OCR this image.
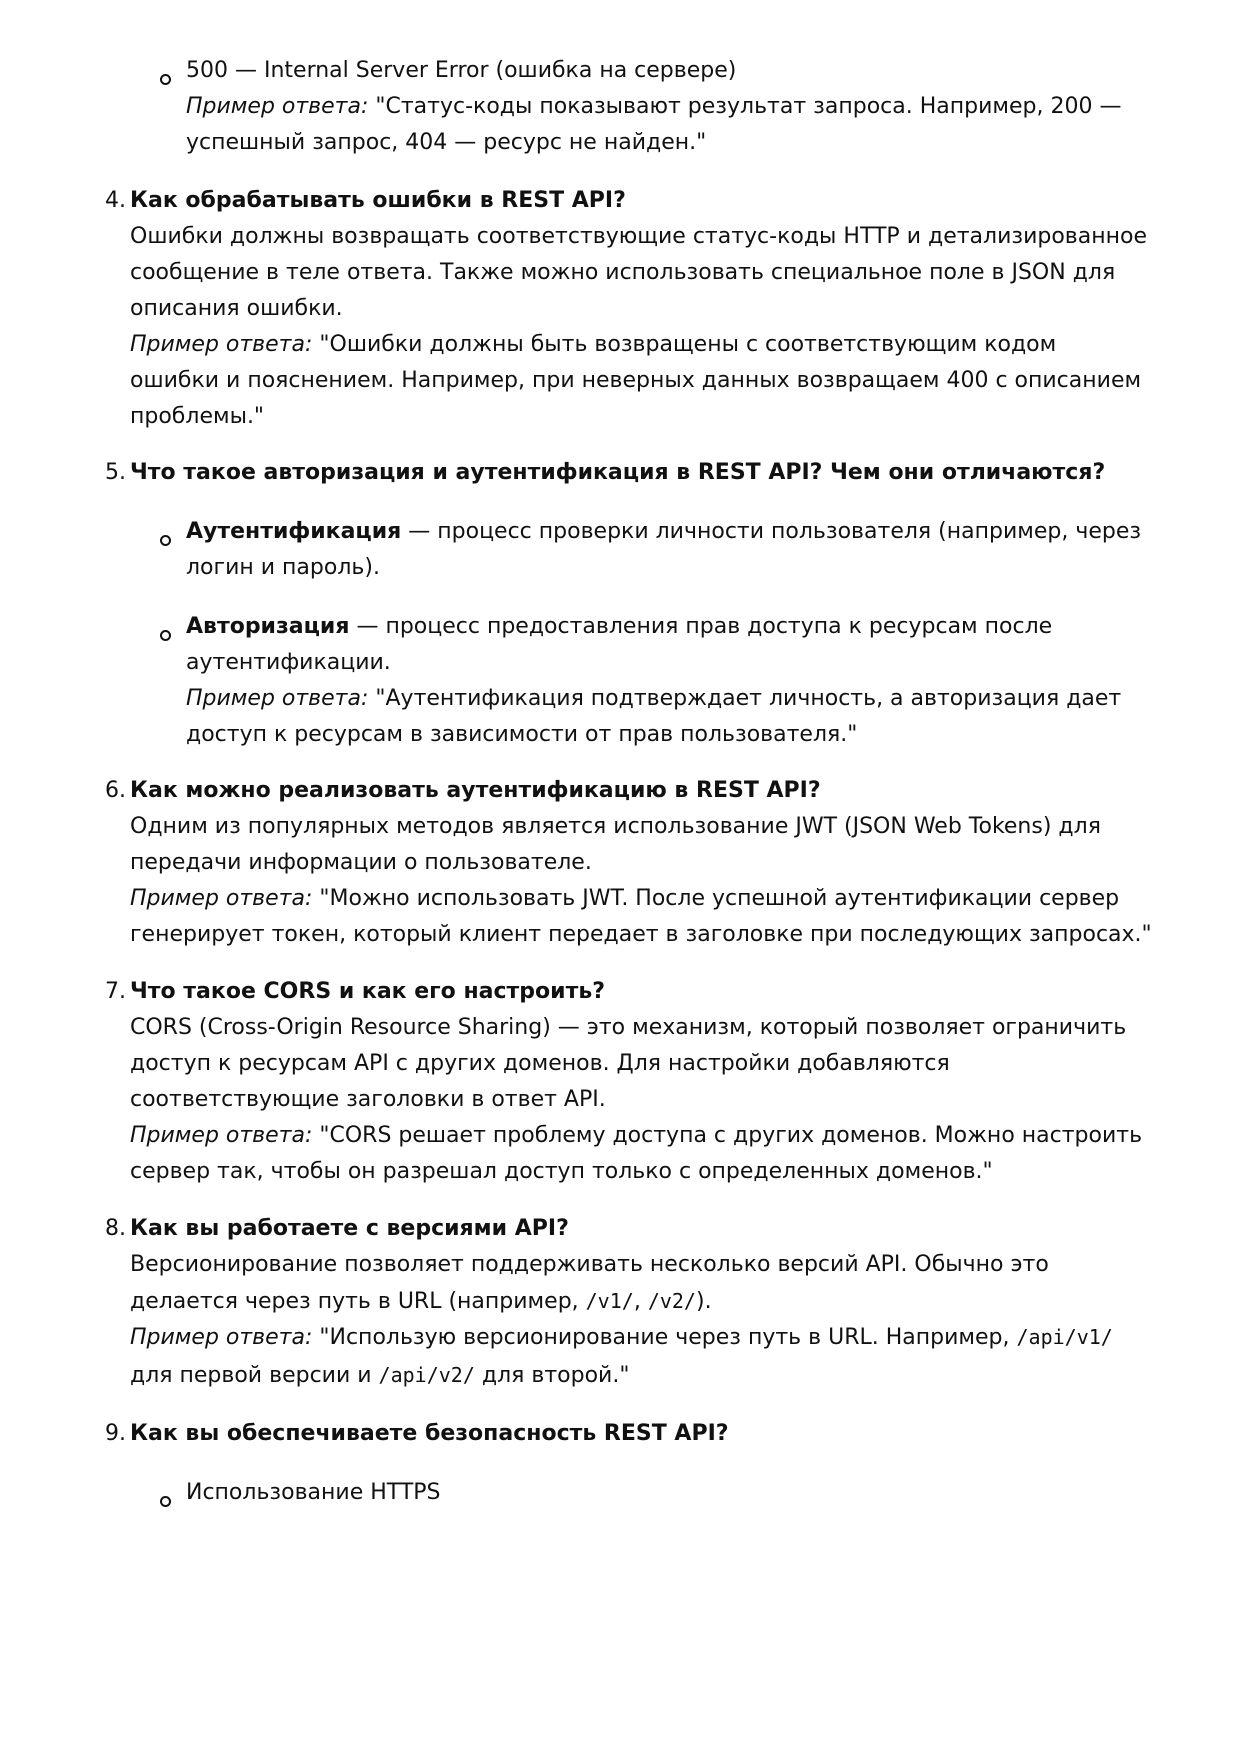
500 — Internal Server Error (ошибка на сервере)
Пример ответа: "Статус-коды показывают результат запроса. Например, 200 —
успешный запрос, 404 — ресурс не найден."
4. Как обрабатывать ошибки в REST API?
Ошибки должны возвращать соответствующие статус-коды HTTP и детализированное
сообщение в теле ответа. Также можно использовать специальное поле в JSON для
описания ошибки.
Пример ответа: "Ошибки должны быть возвращены с соответствующим кодом
ошибки и пояснением. Например, при неверных данных возвращаем 400 с описанием
проблемы."
5. Что такое авторизация и аутентификация в REST API? Чем они отличаются?
Аутентификация — процесс проверки личности пользователя (например, через
логин и пароль).
Авторизация — процесс предоставления прав доступа к ресурсам после
аутентификации.
Пример ответа: "Аутентификация подтверждает личность, а авторизация дает
доступ к ресурсам в зависимости от прав пользователя."
6. Как можно реализовать аутентификацию в REST API?
Одним из популярных методов является использование JWT (JSON Web Tokens) для
передачи информации о пользователе.
Пример ответа: "Можно использовать JWT. После успешной аутентификации сервер
генерирует токен, который клиент передает в заголовке при последующих запросах."
7. Что такое CORS и как его настроить?
CORS (Cross-Origin Resource Sharing) — это механизм, который позволяет ограничить
доступ к ресурсам API с других доменов. Для настройки добавляются
соответствующие заголовки в ответ API.
Пример ответа: "CORS решает проблему доступа с других доменов. Можно настроить
сервер так, чтобы он разрешал доступ только с определенных доменов."
8. Как вы работаете с версиями API?
Версионирование позволяет поддерживать несколько версий API. Обычно это
делается через путь в URL (например, /v1/, /v2/).
Пример ответа: "Использую версионирование через путь в URL. Например, /api/v1/
для первой версии и /api/v2/ для второй."
9. Как вы обеспечиваете безопасность REST API?
Использование HTTPS
